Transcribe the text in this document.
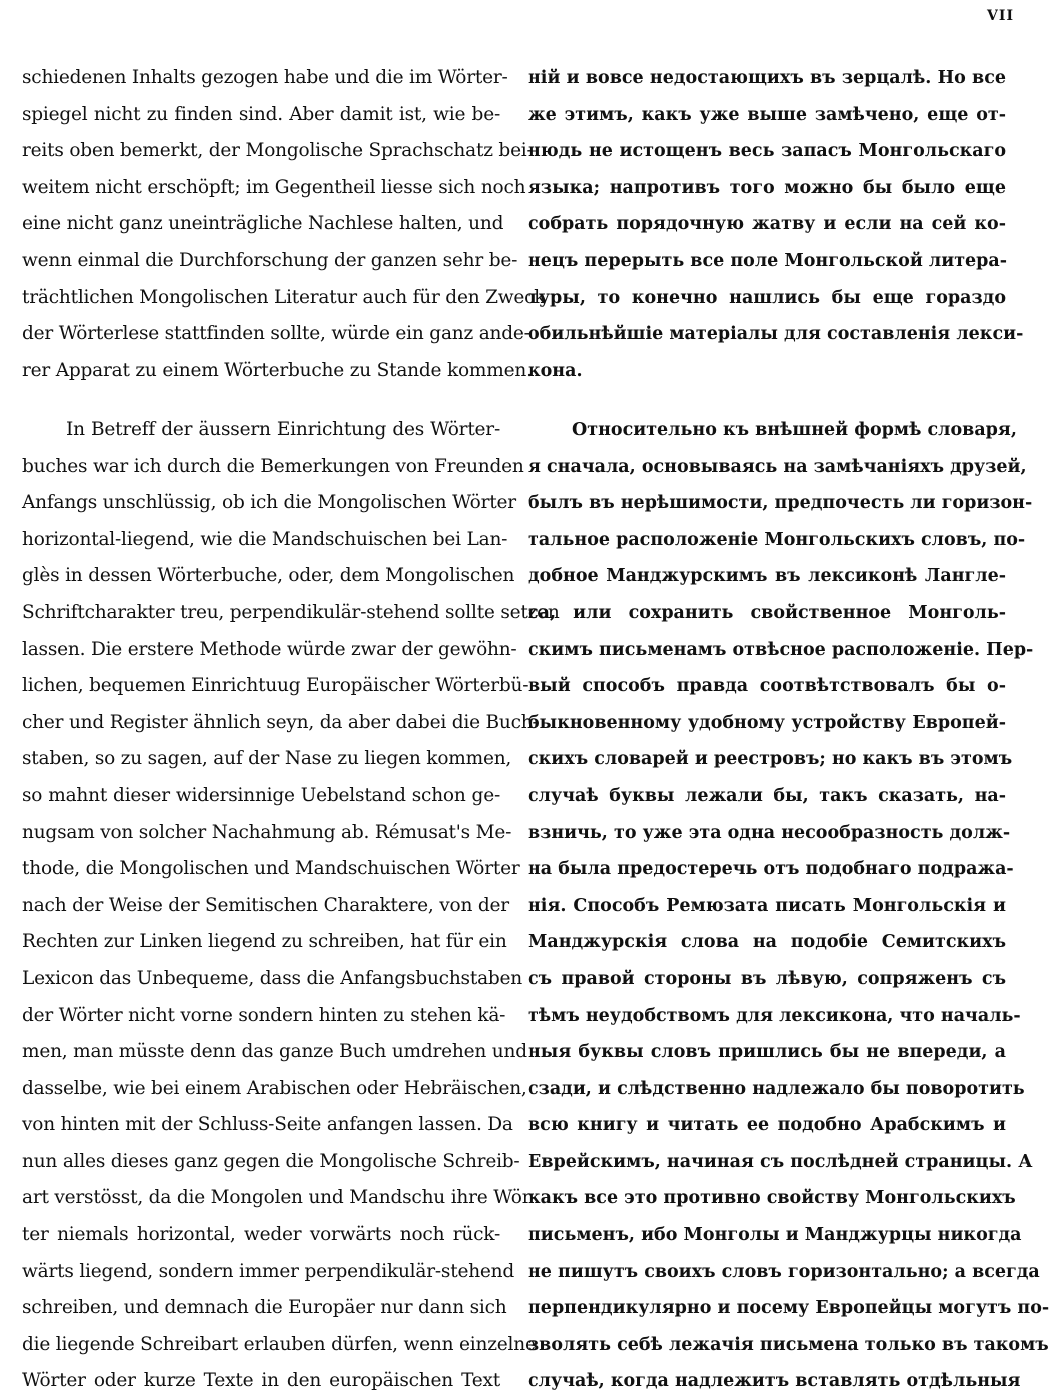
VII
schiedenen Inhalts gezogen habe und die im Wörter-
spiegel nicht zu finden sind. Aber damit ist, wie be-
reits oben bemerkt, der Mongolische Sprachschatz bei-
weitem nicht erschöpft; im Gegentheil liesse sich noch
eine nicht ganz uneinträgliche Nachlese halten, und
wenn einmal die Durchforschung der ganzen sehr be-
trächtlichen Mongolischen Literatur auch für den Zweck
der Wörterlese stattfinden sollte, würde ein ganz ande-
rer Apparat zu einem Wörterbuche zu Stande kommen.
In Betreff der äussern Einrichtung des Wörter-
buches war ich durch die Bemerkungen von Freunden
Anfangs unschlüssig, ob ich die Mongolischen Wörter
horizontal-liegend, wie die Mandschuischen bei Lan-
glès in dessen Wörterbuche, oder, dem Mongolischen
Schriftcharakter treu, perpendikulär-stehend sollte setzen
lassen. Die erstere Methode würde zwar der gewöhn-
lichen, bequemen Einrichtuug Europäischer Wörterbü-
cher und Register ähnlich seyn, da aber dabei die Buch-
staben, so zu sagen, auf der Nase zu liegen kommen,
so mahnt dieser widersinnige Uebelstand schon ge-
nugsam von solcher Nachahmung ab. Rémusat's Me-
thode, die Mongolischen und Mandschuischen Wörter
nach der Weise der Semitischen Charaktere, von der
Rechten zur Linken liegend zu schreiben, hat für ein
Lexicon das Unbequeme, dass die Anfangsbuchstaben
der Wörter nicht vorne sondern hinten zu stehen kä-
men, man müsste denn das ganze Buch umdrehen und
dasselbe, wie bei einem Arabischen oder Hebräischen,
von hinten mit der Schluss-Seite anfangen lassen. Da
nun alles dieses ganz gegen die Mongolische Schreib-
art verstösst, da die Mongolen und Mandschu ihre Wör-
ter niemals horizontal, weder vorwärts noch rück-
wärts liegend, sondern immer perpendikulär-stehend
schreiben, und demnach die Europäer nur dann sich
die liegende Schreibart erlauben dürfen, wenn einzelne
Wörter oder kurze Texte in den europäischen Text
ній и вовсе недостающихъ въ зерцалѣ. Но все
же этимъ, какъ уже выше замѣчено, еще от-
нюдь не истощенъ весь запасъ Монгольскаго
языка; напротивъ того можно бы было еще
собрать порядочную жатву и если на сей ко-
нецъ перерыть все поле Монгольской литера-
туры, то конечно нашлись бы еще гораздо
обильнѣйшіе матеріалы для составленія лекси-
кона.
Относительно къ внѣшней формѣ словаря,
я сначала, основываясь на замѣчаніяхъ друзей,
былъ въ нерѣшимости, предпочесть ли горизон-
тальное расположеніе Монгольскихъ словъ, по-
добное Манджурскимъ въ лексиконѣ Ланглe-
са, или сохранить свойственное Монголь-
скимъ письменамъ отвѣсное расположеніе. Пер-
вый способъ правда соотвѣтствовалъ бы о-
быкновенному удобному устройству Европей-
скихъ словарей и реестровъ; но какъ въ этомъ
случаѣ буквы лежали бы, такъ сказать, на-
взничь, то уже эта одна несообразность долж-
на была предостеречь отъ подобнаго подража-
нія. Способъ Ремюзата писать Монгольскія и
Манджурскія слова на подобіе Семитскихъ
съ правой стороны въ лѣвую, сопряженъ съ
тѣмъ неудобствомъ для лексикона, что началь-
ныя буквы словъ пришлись бы не впереди, а
сзади, и слѣдственно надлежало бы поворотить
всю книгу и читать ее подобно Арабскимъ и
Еврейскимъ, начиная съ послѣдней страницы. А
какъ все это противно свойству Монгольскихъ
письменъ, ибо Монголы и Манджурцы никогда
не пишутъ своихъ словъ горизонтально; а всегда
перпендикулярно и посему Европейцы могутъ по-
зволять себѣ лежачія письмена только въ такомъ
случаѣ, когда надлежитъ вставлять отдѣльныя
